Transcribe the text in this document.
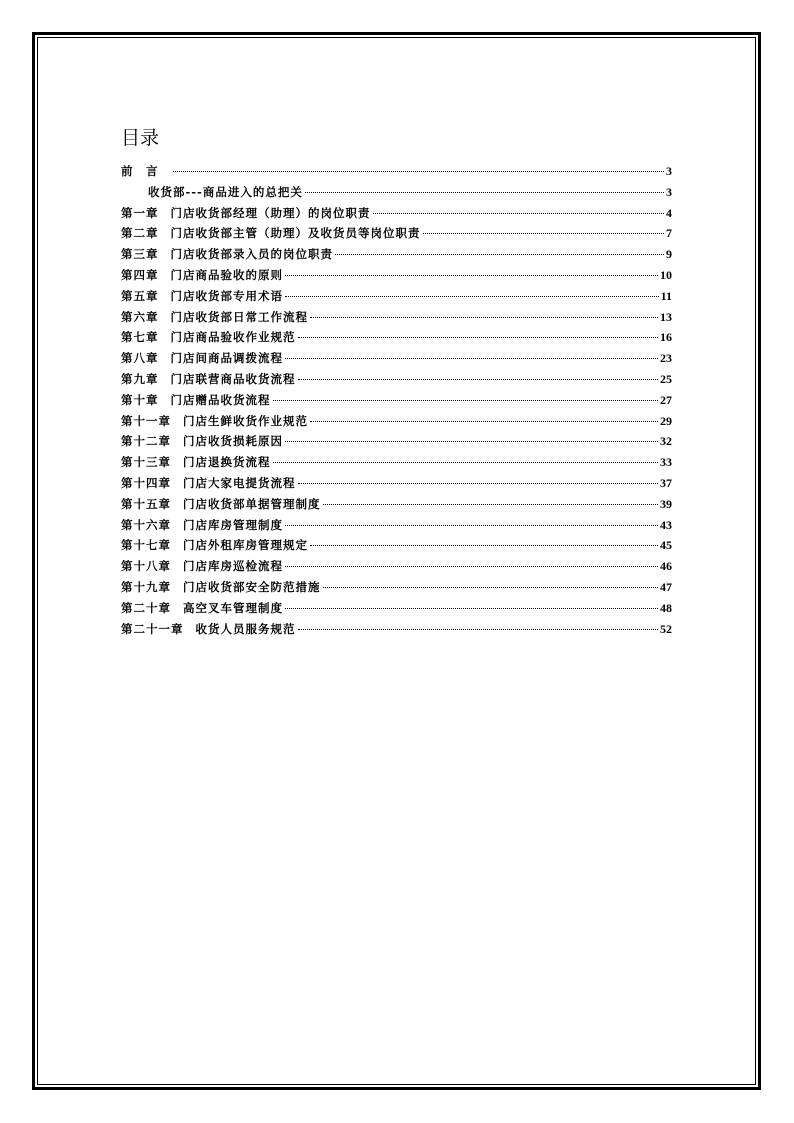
目录
前　言	3
收货部---商品进入的总把关	3
第一章 门店收货部经理（助理）的岗位职责	4
第二章 门店收货部主管（助理）及收货员等岗位职责	7
第三章 门店收货部录入员的岗位职责	9
第四章 门店商品验收的原则	10
第五章 门店收货部专用术语	11
第六章 门店收货部日常工作流程	13
第七章 门店商品验收作业规范	16
第八章 门店间商品调拨流程	23
第九章 门店联营商品收货流程	25
第十章 门店赠品收货流程	27
第十一章 门店生鲜收货作业规范	29
第十二章 门店收货损耗原因	32
第十三章 门店退换货流程	33
第十四章 门店大家电提货流程	37
第十五章 门店收货部单据管理制度	39
第十六章 门店库房管理制度	43
第十七章 门店外租库房管理规定	45
第十八章 门店库房巡检流程	46
第十九章 门店收货部安全防范措施	47
第二十章 高空叉车管理制度	48
第二十一章 收货人员服务规范	52
